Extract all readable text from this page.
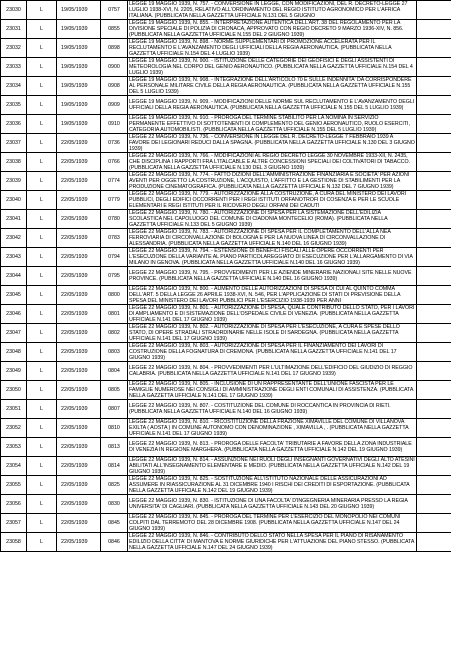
23030	L	19/05/1939	0757	LEGGE 19 MAGGIO 1939, N. 757. - CONVERSIONE IN LEGGE, CON MODIFICAZIONI, DEL R. DECRETO-LEGGE 27 LUGLIO 1938-XVI, N. 2205, RELATIVO ALL'ORDINAMENTO DEL REGIO ISTITUTO AGRONOMICO PER L'AFRICA ITALIANA. (PUBBLICATA NELLA GAZZETTA UFFICIALE N.131 DEL 5 GIUGNO	
23031	L	19/05/1939	0855	LEGGE 19 MAGGIO 1939, N. 855. - INTERPRETAZIONE AUTENTICA DELL'ART. 38 DEL REGOLAMENTO PER LA DIVISIONE SPECIALE DI POLIZIA DI CRONACA, APPROVATO CON REGIO DECRETO 9 MARZO 1936-XIV, N. 856. (PUBBLICATA NELLA GAZZETTA UFFICIALE N.155 DEL 2 GIUGNO 1939)	
23032	L	19/05/1939	0898	LEGGE 19 MAGGIO 1939, N. 898. - NORME SUPPLEMENTARI DI PROMOZIONE ACCELERATA PER IL RECLUTAMENTO E L'AVANZAMENTO DEGLI UFFICIALI DELLA REGIA AERONAUTICA. (PUBBLICATA NELLA GAZZETTA UFFICIALE N.154 DEL 4 LUGLIO 1939)	
23033	L	19/05/1939	0900	LEGGE 19 MAGGIO 1939, N. 900. - ISTITUZIONE DELLE CATEGORIE DEI GEOFISICI E DEGLI ASSISTENTI DI METEOROLOGIA NEL CORPO DEL GENIO AERONAUTICO. (PUBBLICATA NELLA GAZZETTA UFFICIALE N.154 DEL 4 LUGLIO 1939)	
23034	L	19/05/1939	0908	LEGGE 19 MAGGIO 1939, N. 908. - INTEGRAZIONE DELL'ARTICOLO 70 E SULLE INDENNITA' DA CORRISPONDERE AL PERSONALE MILITARE CIVILE DELLA REGIA AERONAUTICA. (PUBBLICATA NELLA GAZZETTA UFFICIALE N.155 DEL 5 LUGLIO 1939)	
23035	L	19/05/1939	0909	LEGGE 19 MAGGIO 1939, N. 909. - MODIFICAZIONI DELLE NORME SUL RECLUTAMENTO E L'AVANZAMENTO DEGLI UFFICIALI DELLA REGIA AERONAUTICA. (PUBBLICATA NELLA GAZZETTA UFFICIALE N.155 DEL 5 LUGLIO 1939)	
23036	L	19/05/1939	0910	LEGGE 19 MAGGIO 1939, N. 910. - PROROGA DEL TERMINE STABILITO PER LA NOMINA IN SERVIZIO PERMANENTE EFFETTIVO DI SOTTOTENENTI DI COMPLEMENTO DEL GENIO AERONAUTICO, RUOLO ESERCITI, CATEGORIA AUTOMOBILISTI. (PUBBLICATA NELLA GAZZETTA UFFICIALE N.155 DEL 5 LUGLIO 1939)	
23037	L	22/05/1939	0736	LEGGE 22 MAGGIO 1939, N. 736. - CONVERSIONE IN LEGGE DEL R. DECRETO-LEGGE 7 FEBBRAIO 1939 A FAVORE DEI LEGIONARI REDUCI DALLA SPAGNA. (PUBBLICATA NELLA GAZZETTA UFFICIALE N.130 DEL 3 GIUGNO 1939)	
23038	L	22/05/1939	0766	LEGGE 22 MAGGIO 1939, N. 766. - MODIFICAZIONI AL REGIO DECRETO LEGGE 30 NOVEMBRE 1933-XII, N. 2435, CHE DISCIPLINA I RAPPORTI FRA L'ITALCABLE E ALTRE CONCESSIONI SPECIALI DEI COLTIVATORI DI TABACCO. (PUBBLICATA NELLA GAZZETTA UFFICIALE N.130 DEL 3 GIUGNO 1939)	
23039	L	22/05/1939	0774	LEGGE 22 MAGGIO 1939, N. 774. - FATTO DIZIONI DELL'AMMINISTRAZIONE FINANZIARIA E SOCIETA' PER AZIONI AVENTI PER OGGETTO LA COSTRUZIONE, L'ACQUISTO, L'AFFITTO E LA GESTIONE DI STABILIMENTI PER LA PRODUZIONE CINEMATOGRAFICA. (PUBBLICATA NELLA GAZZETTA UFFICIALE N.132 DEL 7 GIUGNO 1939)	
23040	L	22/05/1939	0779	LEGGE 22 MAGGIO 1939, N. 779. - AUTORIZZAZIONE ALLA COSTRUZIONE, A CURA DEL MINISTERO DEI LAVORI PUBBLICI, DEGLI EDIFICI OCCORRENTI PER I REGI ISTITUTI ORFANOTROFI DI COSENZA E PER LE SCUOLE ELEMENTARI E REGI ISTITUTI PER IL RICOVERO DEGLI ORFANI DEI CADUTI	
23041	L	22/05/1939	0780	LEGGE 22 MAGGIO 1939, N. 780. - AUTORIZZAZIONE DI SPESA PER LA SISTEMAZIONE DELL'EDILIZIA SCOLASTICA NEL CAPOLUOGO DEL COMUNE DI CIADONIA MONTECELIO (ROMA). (PUBBLICATA NELLA GAZZETTA UFFICIALE N.133 DEL 5 GIUGNO 1939)	
23042	L	22/05/1939	0783	LEGGE 22 MAGGIO 1939, N. 783. - AUTORIZZAZIONE DI SPESA PER IL COMPLETAMENTO DELL'ALLA NEA FERROVIARIA DI CIRCONVALLAZIONE DI BOLOGNA E PER LA NUOVA LINEA DI CIRCONVALLAZIONE DI ALESSANDRIA. (PUBBLICATA NELLA GAZZETTA UFFICIALE N.140 DEL 16 GIUGNO 1939)	
23043	L	22/05/1939	0794	LEGGE 22 MAGGIO 1939, N. 794. - ESTENSIONE DI BENEFICI FISCALI ALLE OPERE OCCORRENTI PER L'ESECUZIONE DELLA VARIANTE AL PIANO PARTICOLAREGGIATO DI ESECUZIONE PER L'ALLARGAMENTO DI VIA MILANO IN GENOVA. (PUBBLICATA NELLA GAZZETTA UFFICIALE N.140 DEL 16 GIUGNO 1939)	
23044	L	22/05/1939	0795	LEGGE 22 MAGGIO 1939, N. 795. - PROVVEDIMENTI PER LE AZIENDE MINERARIE NAZIONALI SITE NELLE NUOVE PROVINCE. (PUBBLICATA NELLA GAZZETTA UFFICIALE N.140 DEL 16 GIUGNO 1939)	
23045	L	22/05/1939	0800	LEGGE 22 MAGGIO 1939, N. 800. - AUMENTO DELLE AUTORIZZAZIONI DI SPESA DI CUI AL QUINTO COMMA DELL'ART. 5 DELLA LEGGE 26 APRILE 1938-XVI, N. 546, PER L'APPLICAZIONE DI STATI DI PREVISIONE DELLA SPESA DEL MINISTERO DEI LAVORI PUBBLICI PER L'ESERCIZIO 1938-1939 PER ANNI	
23046	L	22/05/1939	0801	LEGGE 22 MAGGIO 1939, N. 801. - AUTORIZZAZIONE DI SPESA, QUALE CONTRIBUTO DELLO STATO, PER I LAVORI DI AMPLIAMENTO E DI SISTEMAZIONE DELL'OSPEDALE CIVILE DI VENEZIA. (PUBBLICATA NELLA GAZZETTA UFFICIALE N.141 DEL 17 GIUGNO 1939)	
23047	L	22/05/1939	0802	LEGGE 22 MAGGIO 1939, N. 802. - AUTORIZZAZIONE DI SPESA PER L'ESECUZIONE, A CURA E SPESE DELLO STATO, DI OPERE STRADALI STRAORDINARIE NELLE ISOLE DI SARDEGNA. (PUBBLICATA NELLA GAZZETTA UFFICIALE N.141 DEL 17 GIUGNO 1939)	
23048	L	22/05/1939	0803	LEGGE 22 MAGGIO 1939, N. 803. - AUTORIZZAZIONE DI SPESA PER IL FINANZIAMENTO DEI LAVORI DI COSTRUZIONE DELLA FOGNATURA DI CREMONA. (PUBBLICATA NELLA GAZZETTA UFFICIALE N.141 DEL 17 GIUGNO 1939)	
23049	L	22/05/1939	0804	LEGGE 22 MAGGIO 1939, N. 804. - PROVVEDIMENTI PER L'ULTIMAZIONE DELL'EDIFICIO DEL GIUDIZIO DI REGGIO CALABRIA. (PUBBLICATA NELLA GAZZETTA UFFICIALE N.141 DEL 17 GIUGNO 1939)	
23050	L	22/05/1939	0805	LEGGE 22 MAGGIO 1939, N. 805. - INCLUSIONE DI UN RAPPRESENTANTE DELL'UNIONE FASCISTA PER LE FAMIGLIE NUMEROSE NEI CONSIGLI DI AMMINISTRAZIONE DEGLI ENTI COMUNALI DI ASSISTENZA. (PUBBLICATA NELLA GAZZETTA UFFICIALE N.141 DEL 17 GIUGNO 1939)	
23051	L	22/05/1939	0807	LEGGE 22 MAGGIO 1939, N. 807. - COSTITUZIONE DEL COMUNE DI ROCCANTICA IN PROVINCIA DI RIETI. (PUBBLICATA NELLA GAZZETTA UFFICIALE N.140 DEL 16 GIUGNO 1939)	
23052	L	22/05/1939	0810	LEGGE 22 MAGGIO 1939, N. 810. - RICOSTITUZIONE DELLA FRAZIONE XIMAVILLE DEL COMUNE DI VILLANOVA EXILTA ( AOSTA ) IN COMUNE AUTONOMO CON DENOMINAZIONE , XIMAVILLA , . (PUBBLICATA NELLA GAZZETTA UFFICIALE N.141 DEL 17 GIUGNO 1939)	
23053	L	22/05/1939	0813	LEGGE 22 MAGGIO 1939, N. 813. - PROROGA DELLE FACOLTA' TRIBUTARIE A FAVORE DELLA ZONA INDUSTRIALE DI VENEZIA IN REGIONE MARGHERA. (PUBBLICATA NELLA GAZZETTA UFFICIALE N.142 DEL 19 GIUGNO 1939)	
23054	L	22/05/1939	0814	LEGGE 22 MAGGIO 1939, N. 814. - ASSUNZIONE NEI RUOLI DEGLI INSEGNANTI GOVERNATIVI DEGLI ALTO ATESINI ABILITATI ALL'INSEGNAMENTO ELEMENTARE E MEDIO. (PUBBLICATA NELLA GAZZETTA UFFICIALE N.142 DEL 19 GIUGNO 1939)	
23055	L	22/05/1939	0825	LEGGE 22 MAGGIO 1939, N. 825. - SOSTITUZIONE ALL'ISTITUTO NAZIONALE DELLE ASSICURAZIONI AD ASSUMERE IN RIASSICURAZIONE AL 31 DICEMBRE 1940 I RISCHI DEI CREDITI DI ESPORTAZIONE. (PUBBLICATA NELLA GAZZETTA UFFICIALE N.142 DEL 19 GIUGNO 1939)	
23056	L	22/05/1939	0830	LEGGE 22 MAGGIO 1939, N. 830. - ISTITUZIONE DI UNA FACOLTA' D'INGEGNERIA MINERARIA PRESSO LA REGIA UNIVERSITA' DI CAGLIARI. (PUBBLICATA NELLA GAZZETTA UFFICIALE N.143 DEL 20 GIUGNO 1939)	
23057	L	22/05/1939	0845	LEGGE 22 MAGGIO 1939, N. 845. - PROROGA DEL TERMINE PER L'ESERCIZIO DEL MONOPOLIO NEI COMUNI COLPITI DAL TERREMOTO DEL 28 DICEMBRE 1908. (PUBBLICATA NELLA GAZZETTA UFFICIALE N.147 DEL 24 GIUGNO 1939)	
23058	L	22/05/1939	0846	LEGGE 22 MAGGIO 1939, N. 846. - CONTRIBUTO DELLO STATO NELLA SPESA PER IL PIANO DI RISANAMENTO EDILIZIO DELLA CITTA' DI MANTOVA E NORME GIURIDICHE PER L'ATTUAZIONE DEL PIANO STESSO. (PUBBLICATA NELLA GAZZETTA UFFICIALE N.147 DEL 24 GIUGNO 1939)	
